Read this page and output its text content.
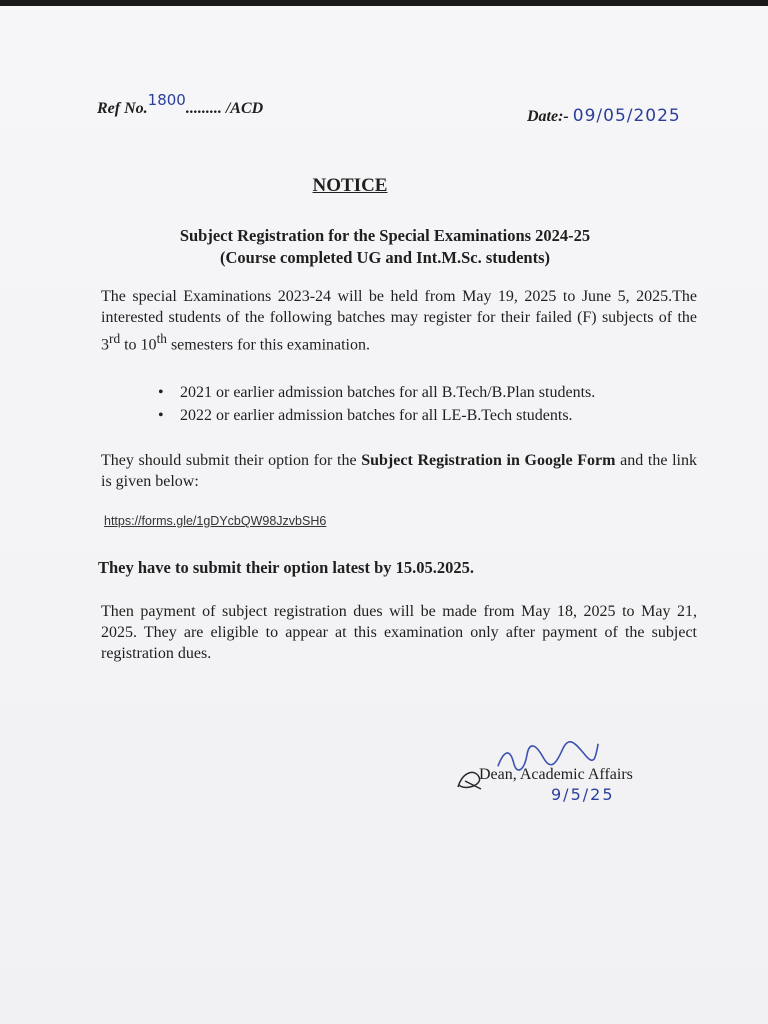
Ref No.1800......... /ACD	Date:- 09/05/2025
NOTICE
Subject Registration for the Special Examinations 2024-25
(Course completed UG and Int.M.Sc. students)
The special Examinations 2023-24 will be held from May 19, 2025 to June 5, 2025.The interested students of the following batches may register for their failed (F) subjects of the 3rd to 10th semesters for this examination.
• 2021 or earlier admission batches for all B.Tech/B.Plan students.
• 2022 or earlier admission batches for all LE-B.Tech students.
They should submit their option for the Subject Registration in Google Form and the link is given below:
https://forms.gle/1gDYcbQW98JzvbSH6
They have to submit their option latest by 15.05.2025.
Then payment of subject registration dues will be made from May 18, 2025 to May 21, 2025. They are eligible to appear at this examination only after payment of the subject registration dues.
Dean, Academic Affairs
9/5/25
